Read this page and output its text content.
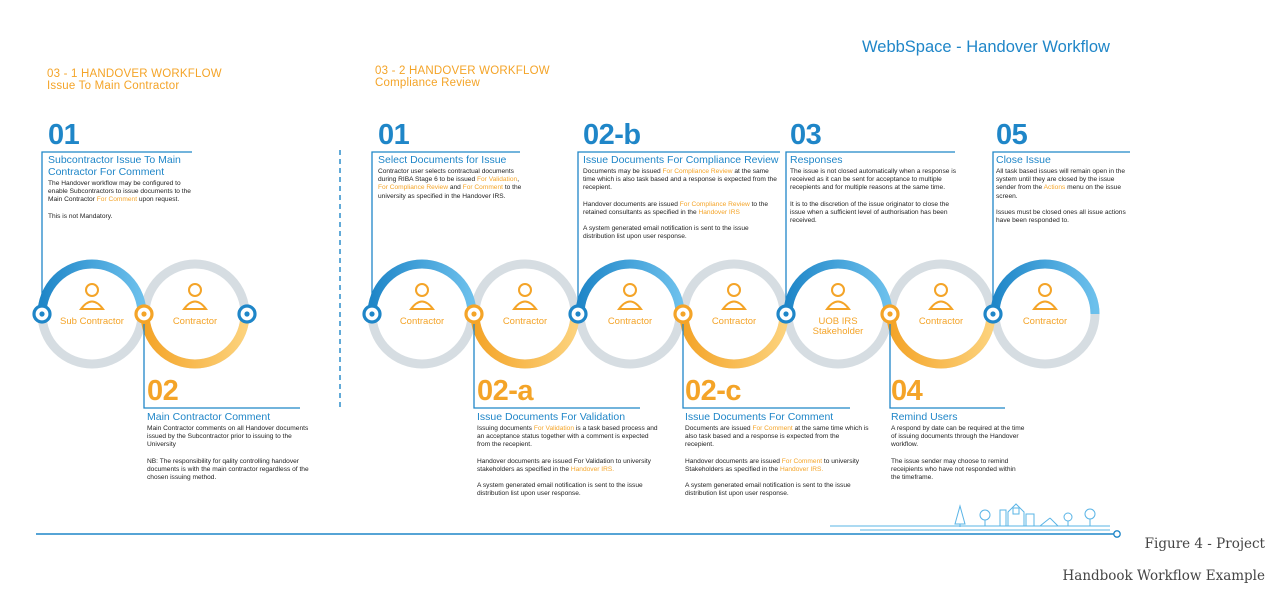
WebbSpace - Handover Workflow
03 - 1 HANDOVER WORKFLOW
Issue To Main Contractor
03 - 2 HANDOVER WORKFLOW
Compliance Review
01
Subcontractor Issue To Main Contractor For Comment

The Handover workflow may be configured to enable Subcontractors to issue documents to the Main Contractor For Comment upon request.

This is not Mandatory.

01
Select Documents for Issue

Contractor user selects contractual documents during RIBA Stage 6 to be issued For Validation, For Compliance Review and For Comment to the university as specified in the Handover IRS.

02-b
Issue Documents For Compliance Review

Documents may be issued For Compliance Review at the same time which is also task based and a response is expected from the recepient.

Handover documents are issued For Compliance Review to the retained consultants as specified in the Handover IRS

A system generated email notification is sent to the issue distribution list upon user response.

03
Responses

The issue is not closed automatically when a response is received as it can be sent for acceptance to multiple recepients and for multiple reasons at the same time.

It is to the discretion of the issue originator to close the issue when a sufficient level of authorisation has been received.

05
Close Issue

All task based issues will remain open in the system until they are closed by the issue sender from the Actions menu on the issue screen.

Issues must be closed ones all issue actions have been responded to.

02
Main Contractor Comment

Main Contractor comments on all Handover documents issued by the Subcontractor prior to issuing to the University

NB: The responsibility for qality controlling handover documents is with the main contractor regardless of the chosen issuing method.

02-a
Issue Documents For Validation

Issuing documents For Validation is a task based process and an acceptance status together with a comment is expected from the recepient.

Handover documents are issued For Validation to university stakeholders as specified in the Handover IRS.

A system generated email notification is sent to the issue distribution list upon user response.

02-c
Issue Documents For Comment

Documents are issued For Comment at the same time which is also task based and a response is expected from the recepient.

Handover documents are issued For Comment to university Stakeholders as specified in the Handover IRS.

A system generated email notification is sent to the issue distribution list upon user response.

04
Remind Users

A respond by date can be required at the time of issuing documents through the Handover workflow.

The issue sender may choose to remind receipients who have not responded within the timeframe.

Sub Contractor	Contractor	Contractor	Contractor	Contractor	Contractor	UOB IRS Stakeholder
Contractor	Contractor
Figure 4 - Project
Handbook Workflow Example
